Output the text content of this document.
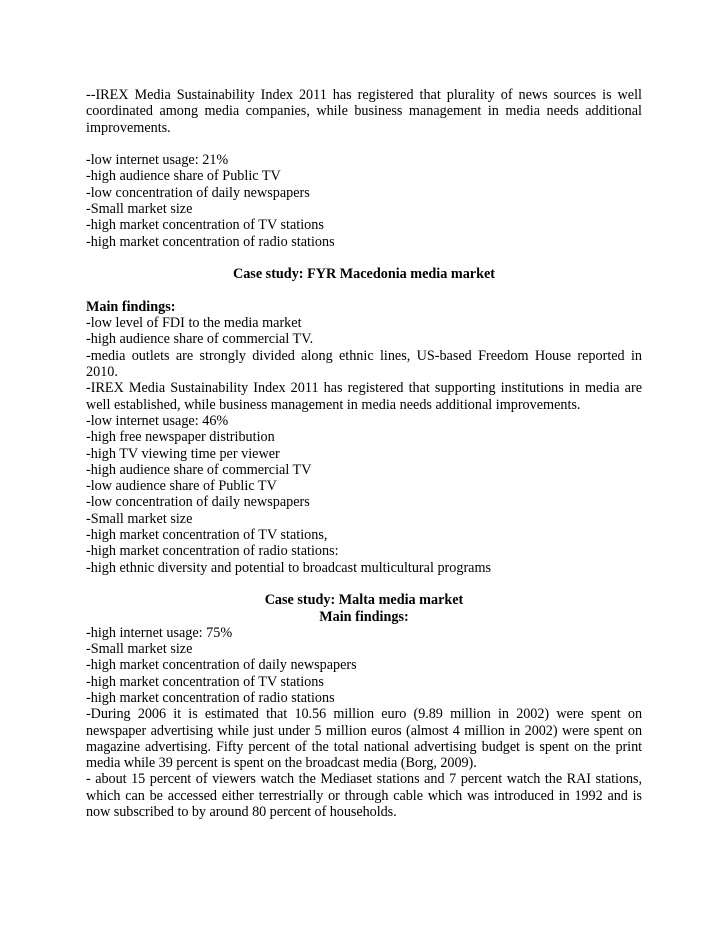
--IREX Media Sustainability Index 2011 has registered that plurality of news sources is well coordinated among media companies, while business management in media needs additional improvements.

-low internet usage: 21%

-high audience share of Public TV

-low concentration of daily newspapers

-Small market size

-high market concentration of TV stations

-high market concentration of radio stations

Case study: FYR Macedonia media market

Main findings:

-low level of FDI to the media market

-high audience share of commercial TV.

-media outlets are strongly divided along ethnic lines, US-based Freedom House reported in 2010.

-IREX Media Sustainability Index 2011 has registered that supporting institutions in media are well established, while business management in media needs additional improvements.

-low internet usage: 46%

-high free newspaper distribution

-high TV viewing time per viewer

-high audience share of commercial TV

-low audience share of Public TV

-low concentration of daily newspapers

-Small market size

-high market concentration of TV stations,

-high market concentration of radio stations:

-high ethnic diversity and potential to broadcast multicultural programs

Case study: Malta media market

Main findings:

-high internet usage: 75%

-Small market size

-high market concentration of daily newspapers

-high market concentration of TV stations

-high market concentration of radio stations

-During 2006 it is estimated that 10.56 million euro (9.89 million in 2002) were spent on newspaper advertising while just under 5 million euros (almost 4 million in 2002) were spent on magazine advertising. Fifty percent of the total national advertising budget is spent on the print media while 39 percent is spent on the broadcast media (Borg, 2009).

- about 15 percent of viewers watch the Mediaset stations and 7 percent watch the RAI stations, which can be accessed either terrestrially or through cable which was introduced in 1992 and is now subscribed to by around 80 percent of households.
